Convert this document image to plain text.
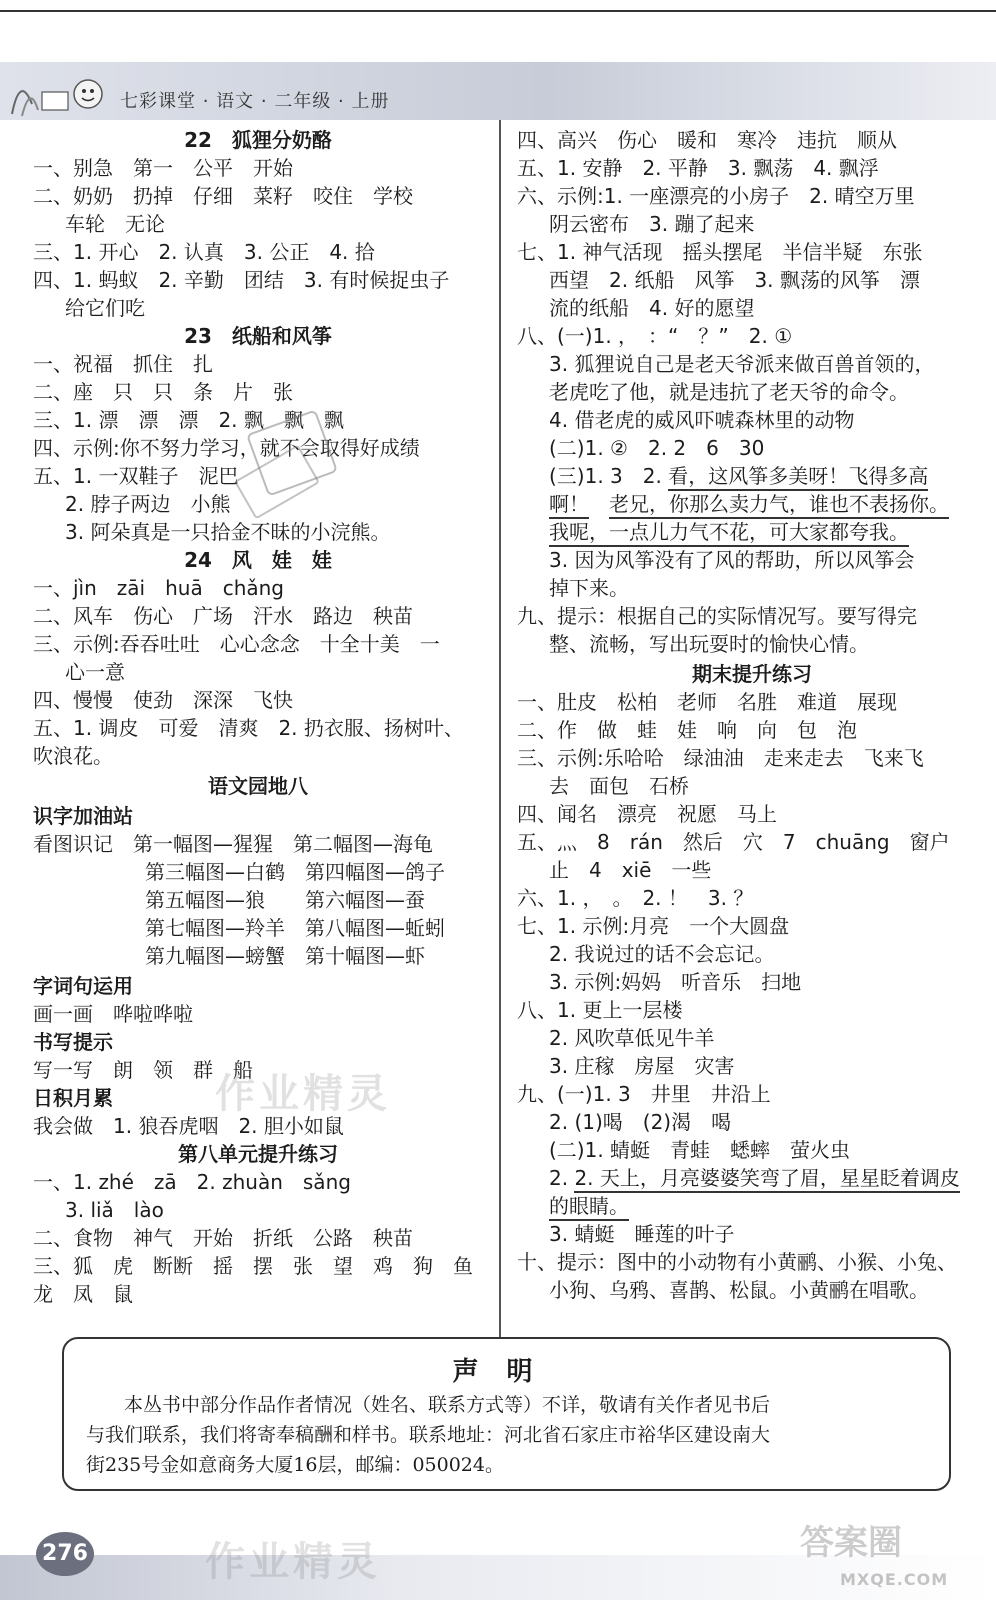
七彩课堂 · 语文 · 二年级 · 上册
22　狐狸分奶酪
一、别急　第一　公平　开始
二、奶奶　扔掉　仔细　菜籽　咬住　学校
车轮　无论
三、1. 开心　2. 认真　3. 公正　4. 拾
四、1. 蚂蚁　2. 辛勤　团结　3. 有时候捉虫子
给它们吃
23　纸船和风筝
一、祝福　抓住　扎
二、座　只　只　条　片　张
三、1. 漂　漂　漂　2. 飘　飘　飘
四、示例:你不努力学习，就不会取得好成绩
五、1. 一双鞋子　泥巴
2. 脖子两边　小熊
3. 阿朵真是一只拾金不昧的小浣熊。
24　风　娃　娃
一、jìn　zāi　huā　chǎng
二、风车　伤心　广场　汗水　路边　秧苗
三、示例:吞吞吐吐　心心念念　十全十美　一
心一意
四、慢慢　使劲　深深　飞快
五、1. 调皮　可爱　清爽　2. 扔衣服、扬树叶、
吹浪花。
语文园地八
识字加油站
看图识记　第一幅图—猩猩　第二幅图—海龟
第三幅图—白鹤　第四幅图—鸽子
第五幅图—狼　　第六幅图—蚕
第七幅图—羚羊　第八幅图—蚯蚓
第九幅图—螃蟹　第十幅图—虾
字词句运用
画一画　哗啦哗啦
书写提示
写一写　朗　领　群　船
日积月累
我会做　1. 狼吞虎咽　2. 胆小如鼠
第八单元提升练习
一、1. zhé　zā　2. zhuàn　sǎng
3. liǎ　lào
二、食物　神气　开始　折纸　公路　秧苗
三、狐　虎　断断　摇　摆　张　望　鸡　狗　鱼
龙　凤　鼠
四、高兴　伤心　暖和　寒冷　违抗　顺从
五、1. 安静　2. 平静　3. 飘荡　4. 飘浮
六、示例:1. 一座漂亮的小房子　2. 晴空万里
阴云密布　3. 蹦了起来
七、1. 神气活现　摇头摆尾　半信半疑　东张
西望　2. 纸船　风筝　3. 飘荡的风筝　漂
流的纸船　4. 好的愿望
八、(一)1. ，　：“　？”　2. ①
3. 狐狸说自己是老天爷派来做百兽首领的，
老虎吃了他，就是违抗了老天爷的命令。
4. 借老虎的威风吓唬森林里的动物
(二)1. ②　2. 2　6　30
(三)1. 3　2. 看，这风筝多美呀！飞得多高
啊！　 老兄，你那么卖力气，谁也不表扬你。
我呢，一点儿力气不花，可大家都夸我。
3. 因为风筝没有了风的帮助，所以风筝会
掉下来。
九、提示：根据自己的实际情况写。要写得完
整、流畅，写出玩耍时的愉快心情。
期末提升练习
一、肚皮　松柏　老师　名胜　难道　展现
二、作　做　蛙　娃　响　向　包　泡
三、示例:乐哈哈　绿油油　走来走去　飞来飞
去　面包　石桥
四、闻名　漂亮　祝愿　马上
五、灬　8　rán　然后　穴　7　chuāng　窗户
止　4　xiē　一些
六、1. ，　。　2. ！　3. ？
七、1. 示例:月亮　一个大圆盘
2. 我说过的话不会忘记。
3. 示例:妈妈　听音乐　扫地
八、1. 更上一层楼
2. 风吹草低见牛羊
3. 庄稼　房屋　灾害
九、(一)1. 3　井里　井沿上
2. (1)喝　(2)渴　喝
(二)1. 蜻蜓　青蛙　蟋蟀　萤火虫
2. 2. 天上，月亮婆婆笑弯了眉，星星眨着调皮
的眼睛。
3. 蜻蜓　睡莲的叶子
十、提示：图中的小动物有小黄鹂、小猴、小兔、
小狗、乌鸦、喜鹊、松鼠。小黄鹂在唱歌。
作业精灵
声明
本丛书中部分作品作者情况（姓名、联系方式等）不详，敬请有关作者见书后
与我们联系，我们将寄奉稿酬和样书。联系地址：河北省石家庄市裕华区建设南大
街235号金如意商务大厦16层，邮编：050024。
276	作业精灵	答案圈
MXQE.COM
